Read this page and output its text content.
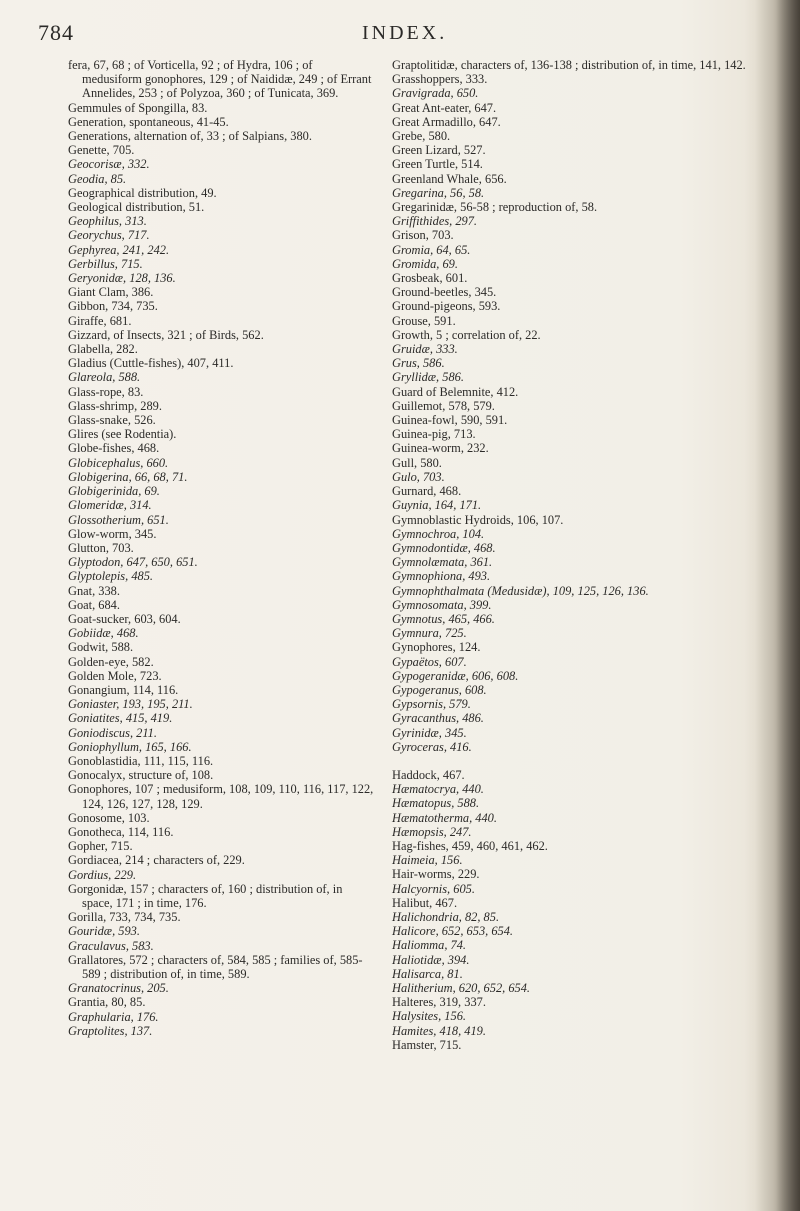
784	INDEX.
fera, 67, 68 ; of Vorticella, 92 ; of Hydra, 106 ; of medusiform gonophores, 129 ; of Naididæ, 249 ; of Errant Annelides, 253 ; of Polyzoa, 360 ; of Tunicata, 369.
Gemmules of Spongilla, 83.
Generation, spontaneous, 41-45.
Generations, alternation of, 33 ; of Salpians, 380.
Genette, 705.
Geocorisæ, 332.
Geodia, 85.
Geographical distribution, 49.
Geological distribution, 51.
Geophilus, 313.
Georychus, 717.
Gephyrea, 241, 242.
Gerbillus, 715.
Geryonidæ, 128, 136.
Giant Clam, 386.
Gibbon, 734, 735.
Giraffe, 681.
Gizzard, of Insects, 321 ; of Birds, 562.
Glabella, 282.
Gladius (Cuttle-fishes), 407, 411.
Glareola, 588.
Glass-rope, 83.
Glass-shrimp, 289.
Glass-snake, 526.
Glires (see Rodentia).
Globe-fishes, 468.
Globicephalus, 660.
Globigerina, 66, 68, 71.
Globigerinida, 69.
Glomeridæ, 314.
Glossotherium, 651.
Glow-worm, 345.
Glutton, 703.
Glyptodon, 647, 650, 651.
Glyptolepis, 485.
Gnat, 338.
Goat, 684.
Goat-sucker, 603, 604.
Gobiidæ, 468.
Godwit, 588.
Golden-eye, 582.
Golden Mole, 723.
Gonangium, 114, 116.
Goniaster, 193, 195, 211.
Goniatites, 415, 419.
Goniodiscus, 211.
Goniophyllum, 165, 166.
Gonoblastidia, 111, 115, 116.
Gonocalyx, structure of, 108.
Gonophores, 107 ; medusiform, 108, 109, 110, 116, 117, 122, 124, 126, 127, 128, 129.
Gonosome, 103.
Gonotheca, 114, 116.
Gopher, 715.
Gordiacea, 214 ; characters of, 229.
Gordius, 229.
Gorgonidæ, 157 ; characters of, 160 ; distribution of, in space, 171 ; in time, 176.
Gorilla, 733, 734, 735.
Gouridæ, 593.
Graculavus, 583.
Grallatores, 572 ; characters of, 584, 585 ; families of, 585-589 ; distribution of, in time, 589.
Granatocrinus, 205.
Grantia, 80, 85.
Graphularia, 176.
Graptolites, 137.
Graptolitidæ, characters of, 136-138 ; distribution of, in time, 141, 142.
Grasshoppers, 333.
Gravigrada, 650.
Great Ant-eater, 647.
Great Armadillo, 647.
Grebe, 580.
Green Lizard, 527.
Green Turtle, 514.
Greenland Whale, 656.
Gregarina, 56, 58.
Gregarinidæ, 56-58 ; reproduction of, 58.
Griffithides, 297.
Grison, 703.
Gromia, 64, 65.
Gromida, 69.
Grosbeak, 601.
Ground-beetles, 345.
Ground-pigeons, 593.
Grouse, 591.
Growth, 5 ; correlation of, 22.
Gruidæ, 333.
Grus, 586.
Gryllidæ, 586.
Guard of Belemnite, 412.
Guillemot, 578, 579.
Guinea-fowl, 590, 591.
Guinea-pig, 713.
Guinea-worm, 232.
Gull, 580.
Gulo, 703.
Gurnard, 468.
Guynia, 164, 171.
Gymnoblastic Hydroids, 106, 107.
Gymnochroa, 104.
Gymnodontidæ, 468.
Gymnolæmata, 361.
Gymnophiona, 493.
Gymnophthalmata (Medusidæ), 109, 125, 126, 136.
Gymnosomata, 399.
Gymnotus, 465, 466.
Gymnura, 725.
Gynophores, 124.
Gypaëtos, 607.
Gypogeranidæ, 606, 608.
Gypogeranus, 608.
Gypsornis, 579.
Gyracanthus, 486.
Gyrinidæ, 345.
Gyroceras, 416.
Haddock, 467.
Hæmatocrya, 440.
Hæmatopus, 588.
Hæmatotherma, 440.
Hæmopsis, 247.
Hag-fishes, 459, 460, 461, 462.
Haimeia, 156.
Hair-worms, 229.
Halcyornis, 605.
Halibut, 467.
Halichondria, 82, 85.
Halicore, 652, 653, 654.
Haliomma, 74.
Haliotidæ, 394.
Halisarca, 81.
Halitherium, 620, 652, 654.
Halteres, 319, 337.
Halysites, 156.
Hamites, 418, 419.
Hamster, 715.
